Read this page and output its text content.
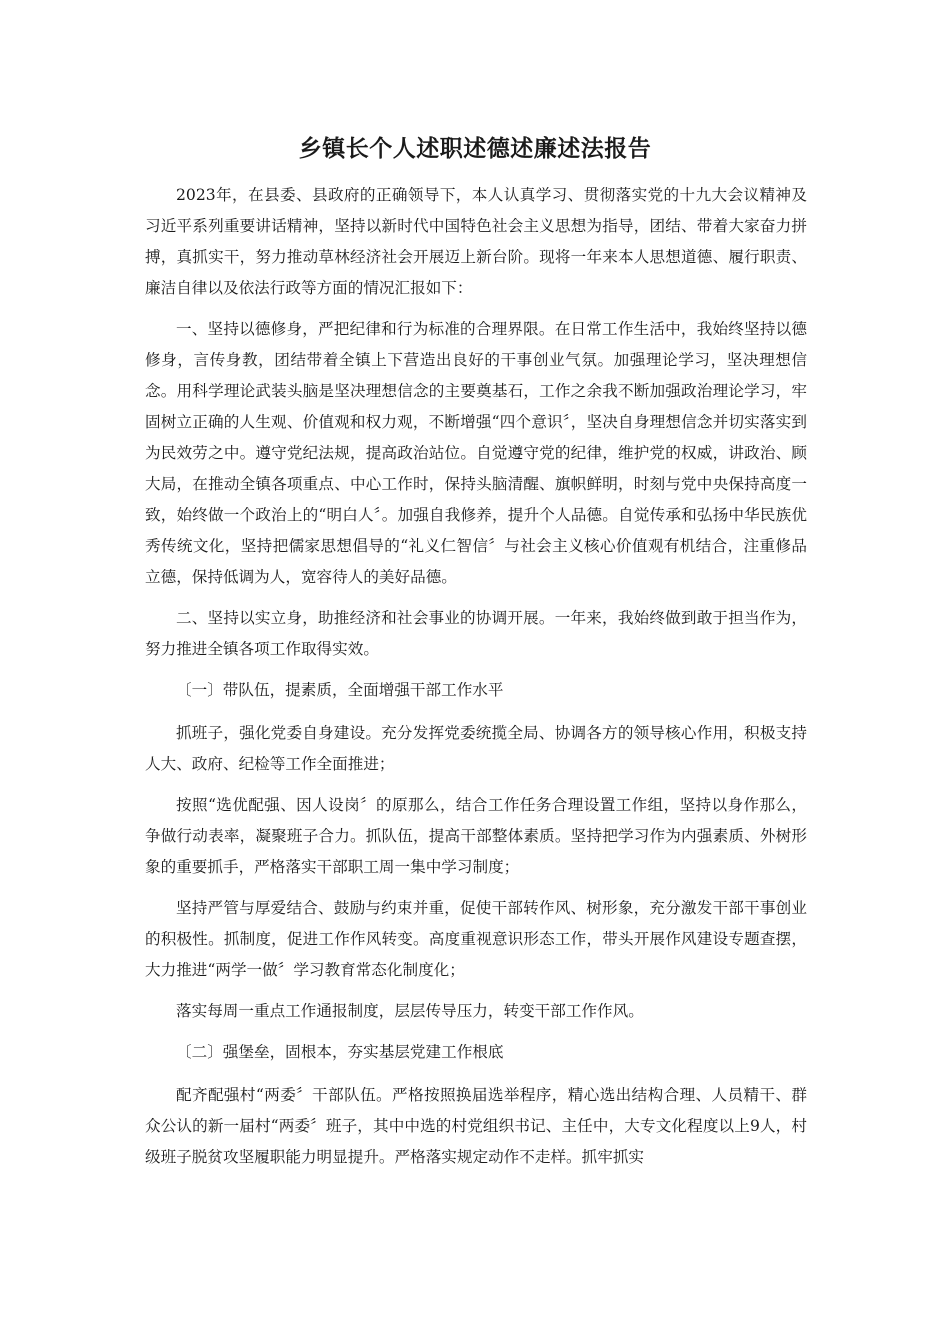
乡镇长个人述职述德述廉述法报告

2023年，在县委、县政府的正确领导下，本人认真学习、贯彻落实党的十九大会议精神及习近平系列重要讲话精神，坚持以新时代中国特色社会主义思想为指导，团结、带着大家奋力拼搏，真抓实干，努力推动草林经济社会开展迈上新台阶。现将一年来本人思想道德、履行职责、廉洁自律以及依法行政等方面的情况汇报如下：

一、坚持以德修身，严把纪律和行为标准的合理界限。在日常工作生活中，我始终坚持以德修身，言传身教，团结带着全镇上下营造出良好的干事创业气氛。加强理论学习，坚决理想信念。用科学理论武装头脑是坚决理想信念的主要奠基石，工作之余我不断加强政治理论学习，牢固树立正确的人生观、价值观和权力观，不断增强“四个意识〞，坚决自身理想信念并切实落实到为民效劳之中。遵守党纪法规，提高政治站位。自觉遵守党的纪律，维护党的权威，讲政治、顾大局，在推动全镇各项重点、中心工作时，保持头脑清醒、旗帜鲜明，时刻与党中央保持高度一致，始终做一个政治上的“明白人〞。加强自我修养，提升个人品德。自觉传承和弘扬中华民族优秀传统文化，坚持把儒家思想倡导的“礼义仁智信〞与社会主义核心价值观有机结合，注重修品立德，保持低调为人，宽容待人的美好品德。

二、坚持以实立身，助推经济和社会事业的协调开展。一年来，我始终做到敢于担当作为，努力推进全镇各项工作取得实效。

〔一〕带队伍，提素质，全面增强干部工作水平

抓班子，强化党委自身建设。充分发挥党委统揽全局、协调各方的领导核心作用，积极支持人大、政府、纪检等工作全面推进；

按照“选优配强、因人设岗〞的原那么，结合工作任务合理设置工作组，坚持以身作那么，争做行动表率，凝聚班子合力。抓队伍，提高干部整体素质。坚持把学习作为内强素质、外树形象的重要抓手，严格落实干部职工周一集中学习制度；

坚持严管与厚爱结合、鼓励与约束并重，促使干部转作风、树形象，充分激发干部干事创业的积极性。抓制度，促进工作作风转变。高度重视意识形态工作，带头开展作风建设专题查摆，大力推进“两学一做〞学习教育常态化制度化；

落实每周一重点工作通报制度，层层传导压力，转变干部工作作风。

〔二〕强堡垒，固根本，夯实基层党建工作根底

配齐配强村“两委〞干部队伍。严格按照换届选举程序，精心选出结构合理、人员精干、群众公认的新一届村“两委〞班子，其中中选的村党组织书记、主任中，大专文化程度以上9人，村级班子脱贫攻坚履职能力明显提升。严格落实规定动作不走样。抓牢抓实
